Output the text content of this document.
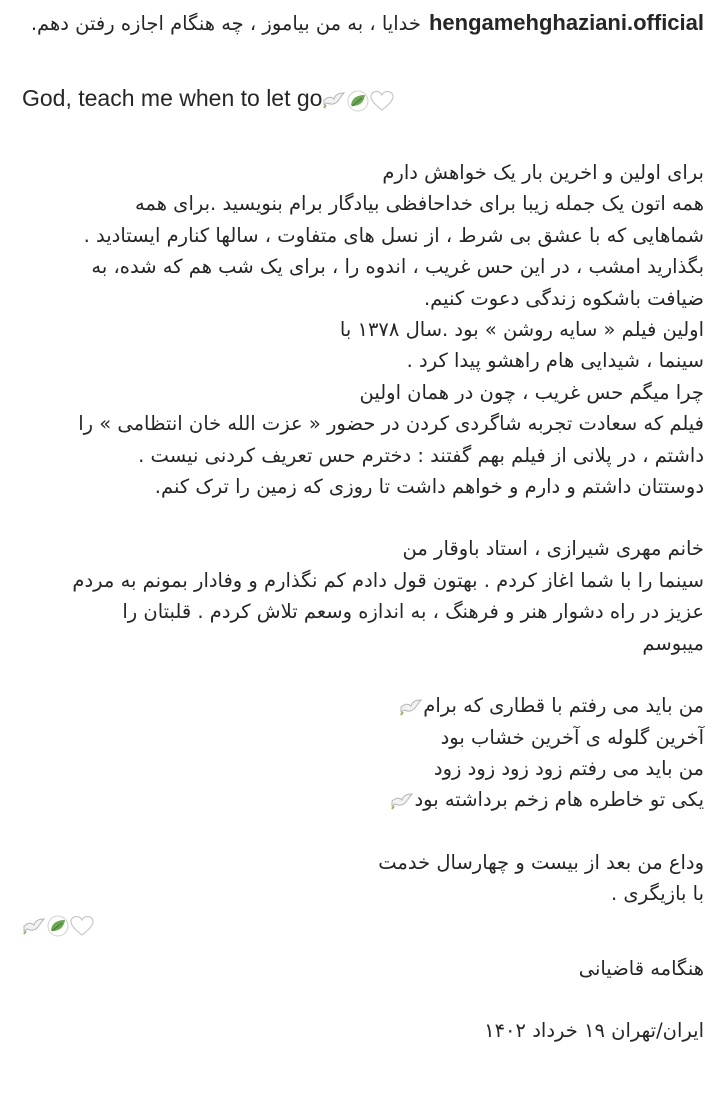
hengamehghaziani.officialخدایا ، به من بیاموز ، چه هنگام اجازه رفتن دهم.

God, teach me when to let go

برای اولین و اخرین بار یک خواهش دارم
همه اتون یک جمله زیبا برای خداحافظی بیادگار برام بنویسید .برای همه
شماهایی که با عشق بی شرط ، از نسل های متفاوت ، سالها کنارم ایستادید .
بگذارید امشب ، در این حس غریب ، اندوه را ، برای یک شب هم که شده، به
ضیافت باشکوه زندگی دعوت کنیم.
اولین فیلم « سایه روشن » بود .سال ۱۳۷۸ با
سینما ، شیدایی هام راهشو پیدا کرد .
چرا میگم حس غریب ، چون در همان اولین
فیلم که سعادت تجربه شاگردی کردن در حضور « عزت الله خان انتظامی » را
داشتم ، در پلانی از فیلم بهم گفتند : دخترم حس تعریف کردنی نیست .
دوستتان داشتم و دارم و خواهم داشت تا روزی که زمین را ترک کنم.

خانم مهری شیرازی ، استاد باوقار من
سینما را با شما اغاز کردم . بهتون قول دادم کم نگذارم و وفادار بمونم به مردم
عزیز در راه دشوار هنر و فرهنگ ، به اندازه وسعم تلاش کردم . قلبتان را
میبوسم

من باید می رفتم با قطاری که برام
آخرین گلوله ی آخرین خشاب بود
من باید می رفتم زود زود زود زود
یکی تو خاطره هام زخم برداشته بود

وداع من بعد از بیست و چهارسال خدمت
با بازیگری .

هنگامه قاضیانی

ایران/تهران ۱۹ خرداد ۱۴۰۲
